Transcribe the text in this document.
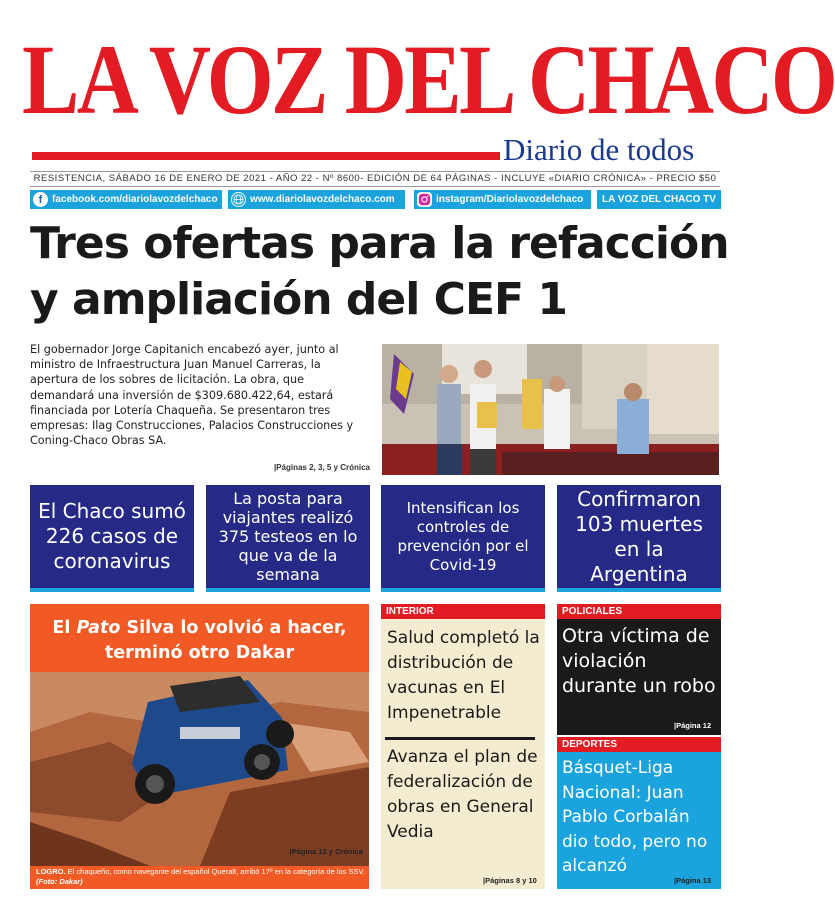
LA VOZ DEL CHACO
Diario de todos
RESISTENCIA, SÁBADO 16 DE ENERO DE 2021 - AÑO 22 - Nº 8600- EDICIÓN DE 64 PÁGINAS - INCLUYE «DIARIO CRÓNICA» - PRECIO $50
f facebook.com/diariolavozdelchaco	www.diariolavozdelchaco.com	instagram/Diariolavozdelchaco LA VOZ DEL CHACO TV
Tres ofertas para la refacción y ampliación del CEF 1
El gobernador Jorge Capitanich encabezó ayer, junto al ministro de Infraestructura Juan Manuel Carreras, la apertura de los sobres de licitación. La obra, que demandará una inversión de $309.680.422,64, estará financiada por Lotería Chaqueña. Se presentaron tres empresas: Ilag Construcciones, Palacios Construcciones y Coning-Chaco Obras SA.
|Páginas 2, 3, 5 y Crónica
El Chaco sumó 226 casos de coronavirus
La posta para viajantes realizó 375 testeos en lo que va de la semana
Intensifican los controles de prevención por el Covid-19
Confirmaron 103 muertes en la Argentina
El Pato Silva lo volvió a hacer, terminó otro Dakar
|Página 13 y Crónica
LOGRO. El chaqueño, como navegante del español Queralt, arribó 17º en la categoría de los SSV. (Foto: Dakar)
INTERIOR
Salud completó la distribución de vacunas en El Impenetrable
Avanza el plan de federalización de obras en General Vedia
|Páginas 8 y 10
POLICIALES
Otra víctima de violación durante un robo
|Página 12
DEPORTES
Básquet-Liga Nacional: Juan Pablo Corbalán dio todo, pero no alcanzó
|Página 13
